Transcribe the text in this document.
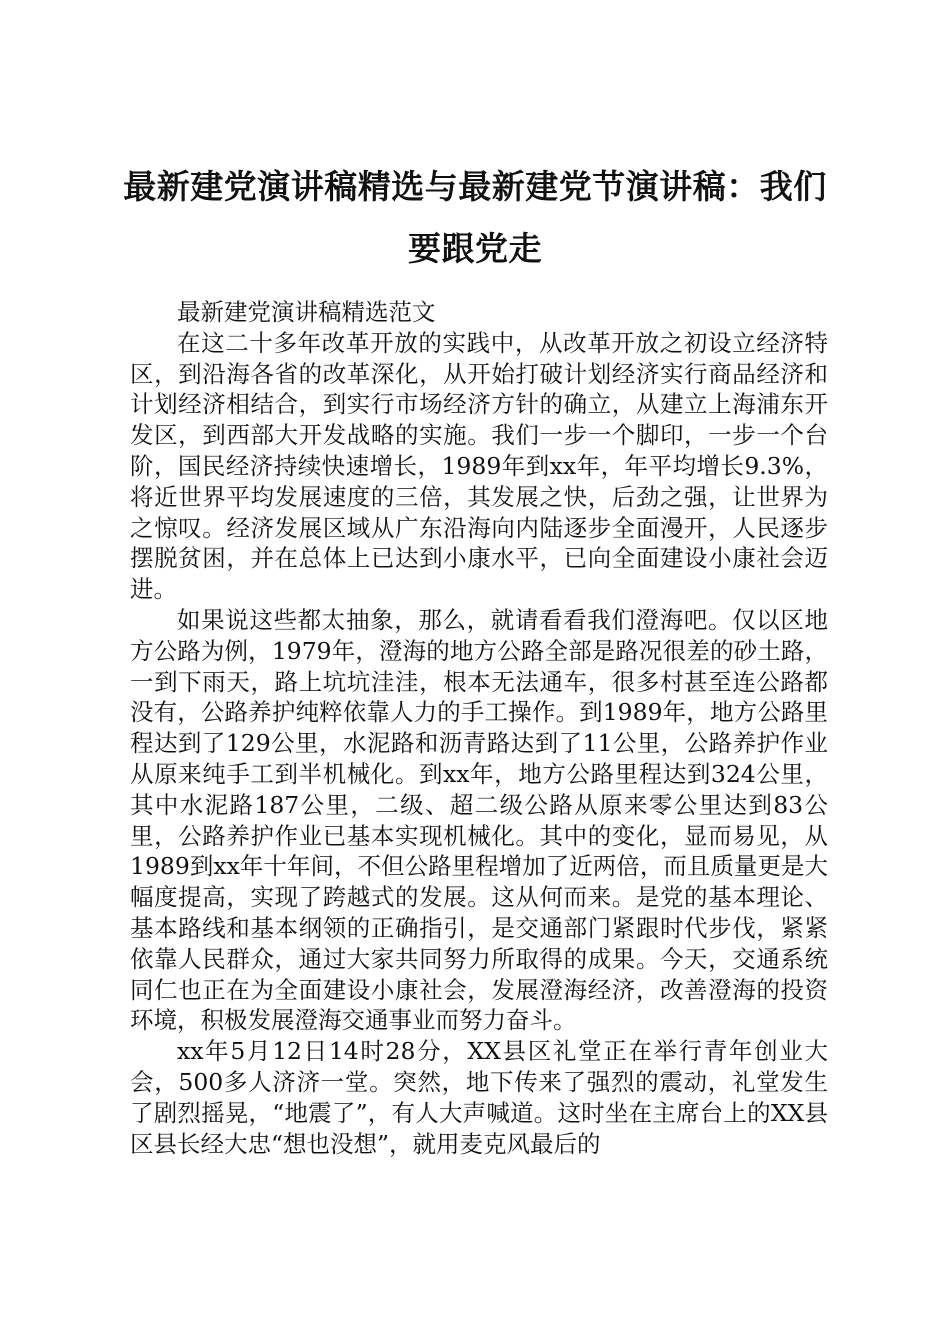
最新建党演讲稿精选与最新建党节演讲稿：我们要跟党走

最新建党演讲稿精选范文

在这二十多年改革开放的实践中，从改革开放之初设立经济特区，到沿海各省的改革深化，从开始打破计划经济实行商品经济和计划经济相结合，到实行市场经济方针的确立，从建立上海浦东开发区，到西部大开发战略的实施。我们一步一个脚印，一步一个台阶，国民经济持续快速增长，1989年到xx年，年平均增长9.3%，将近世界平均发展速度的三倍，其发展之快，后劲之强，让世界为之惊叹。经济发展区域从广东沿海向内陆逐步全面漫开，人民逐步摆脱贫困，并在总体上已达到小康水平，已向全面建设小康社会迈进。

如果说这些都太抽象，那么，就请看看我们澄海吧。仅以区地方公路为例，1979年，澄海的地方公路全部是路况很差的砂土路，一到下雨天，路上坑坑洼洼，根本无法通车，很多村甚至连公路都没有，公路养护纯粹依靠人力的手工操作。到1989年，地方公路里程达到了129公里，水泥路和沥青路达到了11公里，公路养护作业从原来纯手工到半机械化。到xx年，地方公路里程达到324公里，其中水泥路187公里，二级、超二级公路从原来零公里达到83公里，公路养护作业已基本实现机械化。其中的变化，显而易见，从1989到xx年十年间，不但公路里程增加了近两倍，而且质量更是大幅度提高，实现了跨越式的发展。这从何而来。是党的基本理论、基本路线和基本纲领的正确指引，是交通部门紧跟时代步伐，紧紧依靠人民群众，通过大家共同努力所取得的成果。今天，交通系统同仁也正在为全面建设小康社会，发展澄海经济，改善澄海的投资环境，积极发展澄海交通事业而努力奋斗。

xx年5月12日14时28分，XX县区礼堂正在举行青年创业大会，500多人济济一堂。突然，地下传来了强烈的震动，礼堂发生了剧烈摇晃，“地震了”，有人大声喊道。这时坐在主席台上的XX县区县长经大忠“想也没想”，就用麦克风最后的
